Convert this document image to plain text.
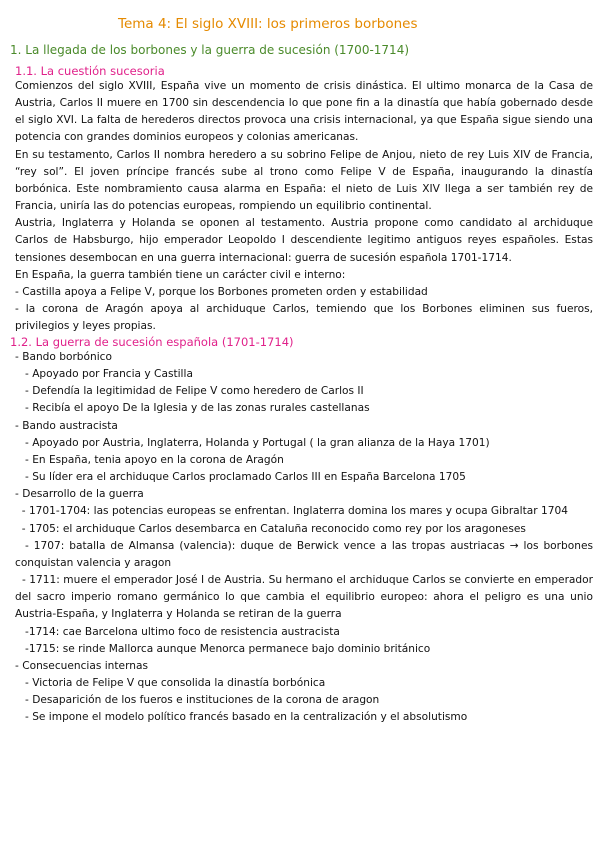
Tema 4: El siglo XVIII: los primeros borbones
1. La llegada de los borbones y la guerra de sucesión (1700-1714)
1.1. La cuestión sucesoria

Comienzos del siglo XVIII, España vive un momento de crisis dinástica. El ultimo monarca de la Casa de Austria, Carlos II muere en 1700 sin descendencia lo que pone fin a la dinastía que había gobernado desde el siglo XVI. La falta de herederos directos provoca una crisis internacional, ya que España sigue siendo una potencia con grandes dominios europeos y colonias americanas.

En su testamento, Carlos II nombra heredero a su sobrino Felipe de Anjou, nieto de rey Luis XIV de Francia, “rey sol”. El joven príncipe francés sube al trono como Felipe V de España, inaugurando la dinastía borbónica. Este nombramiento causa alarma en España: el nieto de Luis XIV llega a ser también rey de Francia, uniría las do potencias europeas, rompiendo un equilibrio continental.

Austria, Inglaterra y Holanda se oponen al testamento. Austria propone como candidato al archiduque Carlos de Habsburgo, hijo emperador Leopoldo I descendiente legitimo antiguos reyes españoles. Estas tensiones desembocan en una guerra internacional: guerra de sucesión española 1701-1714.

En España, la guerra también tiene un carácter civil e interno:

- Castilla apoya a Felipe V, porque los Borbones prometen orden y estabilidad

- la corona de Aragón apoya al archiduque Carlos, temiendo que los Borbones eliminen sus fueros, privilegios y leyes propias.

1.2. La guerra de sucesión española (1701-1714)

- Bando borbónico

- Apoyado por Francia y Castilla

- Defendía la legitimidad de Felipe V como heredero de Carlos II

- Recibía el apoyo De la Iglesia y de las zonas rurales castellanas

- Bando austracista

- Apoyado por Austria, Inglaterra, Holanda y Portugal ( la gran alianza de la Haya 1701)

- En España, tenia apoyo en la corona de Aragón

- Su líder era el archiduque Carlos proclamado Carlos III en España Barcelona 1705

- Desarrollo de la guerra

- 1701-1704: las potencias europeas se enfrentan. Inglaterra domina los mares y ocupa Gibraltar 1704

- 1705: el archiduque Carlos desembarca en Cataluña reconocido como rey por los aragoneses

- 1707: batalla de Almansa (valencia): duque de Berwick vence a las tropas austriacas → los borbones conquistan valencia y aragon

- 1711: muere el emperador José I de Austria. Su hermano el archiduque Carlos se convierte en emperador del sacro imperio romano germánico lo que cambia el equilibrio europeo: ahora el peligro es una unio Austria-España, y Inglaterra y Holanda se retiran de la guerra

-1714: cae Barcelona ultimo foco de resistencia austracista

-1715: se rinde Mallorca aunque Menorca permanece bajo dominio británico

- Consecuencias internas

- Victoria de Felipe V que consolida la dinastía borbónica

- Desaparición de los fueros e instituciones de la corona de aragon

- Se impone el modelo político francés basado en la centralización y el absolutismo
